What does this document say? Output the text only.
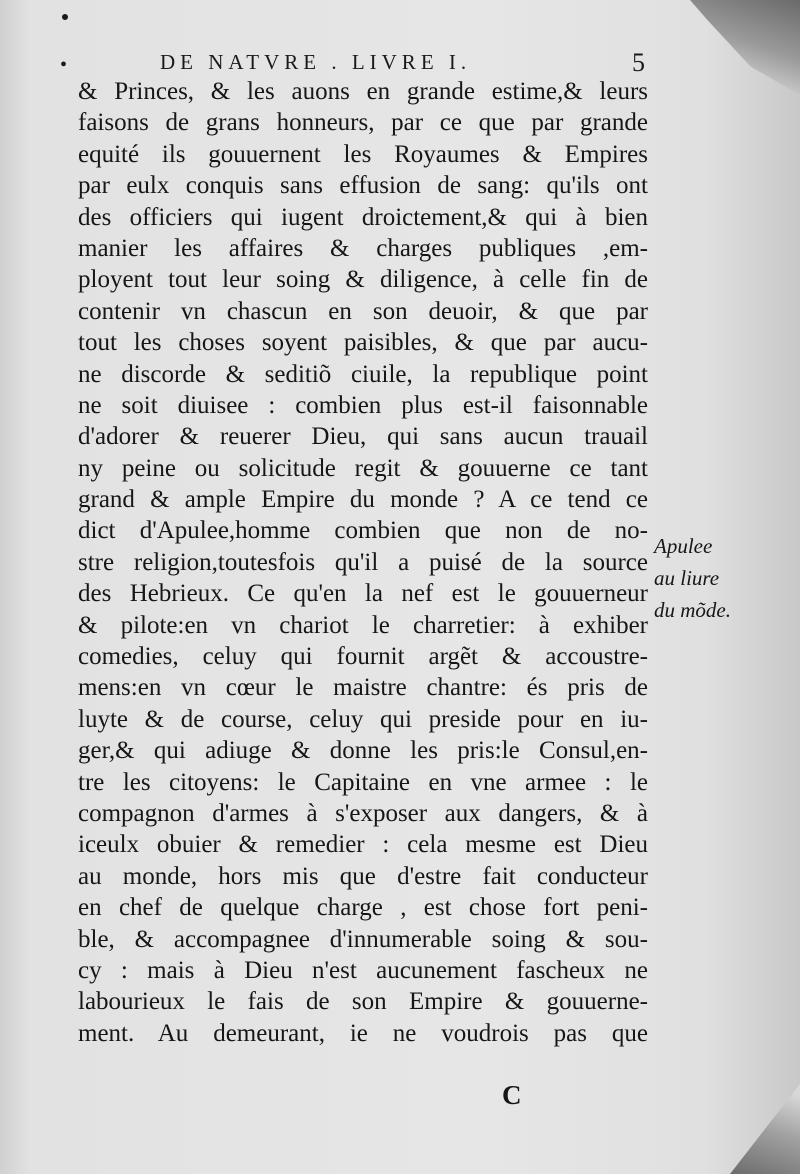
•	DE NATVRE . LIVRE I.	5
& Princes, & les auons en grande estime,& leurs
faisons de grans honneurs, par ce que par grande
equité ils gouuernent les Royaumes & Empires
par eulx conquis sans effusion de sang: qu'ils ont
des officiers qui iugent droictement,& qui à bien
manier les affaires & charges publiques ,em-
ployent tout leur soing & diligence, à celle fin de
contenir vn chascun en son deuoir, & que par
tout les choses soyent paisibles, & que par aucu-
ne discorde & seditiõ ciuile, la republique point
ne soit diuisee : combien plus est-il faisonnable
d'adorer & reuerer Dieu, qui sans aucun trauail
ny peine ou solicitude regit & gouuerne ce tant
grand & ample Empire du monde ? A ce tend ce
dict d'Apulee,homme combien que non de no-
stre religion,toutesfois qu'il a puisé de la source
des Hebrieux. Ce qu'en la nef est le gouuerneur
& pilote:en vn chariot le charretier: à exhiber
comedies, celuy qui fournit argẽt & accoustre-
mens:en vn cœur le maistre chantre: és pris de
luyte & de course, celuy qui preside pour en iu-
ger,& qui adiuge & donne les pris:le Consul,en-
tre les citoyens: le Capitaine en vne armee : le
compagnon d'armes à s'exposer aux dangers, & à
iceulx obuier & remedier : cela mesme est Dieu
au monde, hors mis que d'estre fait conducteur
en chef de quelque charge , est chose fort peni-
ble, & accompagnee d'innumerable soing & sou-
cy : mais à Dieu n'est aucunement fascheux ne
labourieux le fais de son Empire & gouuerne-
ment. Au demeurant, ie ne voudrois pas que
Apulee
au liure
du mõde.
C
